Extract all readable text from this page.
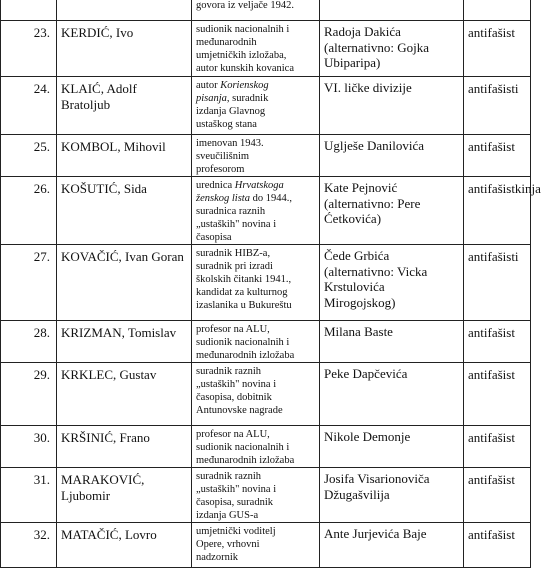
		govora iz veljače 1942.		

23.	KERDIĆ, Ivo	sudionik nacionalnih i
međunarodnih
umjetničkih izložaba,
autor kunskih kovanica	Radoja Dakića
(alternativno: Gojka
Ubiparipa)	antifašist
24.	KLAIĆ, Adolf Bratoljub	autor Korienskog
pisanja, suradnik
izdanja Glavnog
ustaškog stana	VI. ličke divizije	antifašisti
25.	KOMBOL, Mihovil	imenovan 1943.
sveučilišnim
profesorom	Uglješe Danilovića	antifašist
26.	KOŠUTIĆ, Sida	urednica Hrvatskoga
ženskog lista do 1944.,
suradnica raznih
„ustaških" novina i
časopisa	Kate Pejnović
(alternativno: Pere
Ćetkovića)	antifašistkinja
27.	KOVAČIĆ, Ivan Goran	suradnik HIBZ-a,
suradnik pri izradi
školskih čitanki 1941.,
kandidat za kulturnog
izaslanika u Bukureštu	Čede Grbića
(alternativno: Vicka
Krstulovića
Mirogojskog)	antifašisti
28.	KRIZMAN, Tomislav	profesor na ALU,
sudionik nacionalnih i
međunarodnih izložaba	Milana Baste	antifašist
29.	KRKLEC, Gustav	suradnik raznih
„ustaških" novina i
časopisa, dobitnik
Antunovske nagrade	Peke Dapčevića	antifašist
30.	KRŠINIĆ, Frano	profesor na ALU,
sudionik nacionalnih i
međunarodnih izložaba	Nikole Demonje	antifašist
31.	MARAKOVIĆ, Ljubomir	suradnik raznih
„ustaških" novina i
časopisa, suradnik
izdanja GUS-a	Josifa Visarionoviča
Džugašvilija	antifašist
32.	MATAČIĆ, Lovro	umjetnički voditelj
Opere, vrhovni
nadzornik	Ante Jurjevića Baje	antifašist
